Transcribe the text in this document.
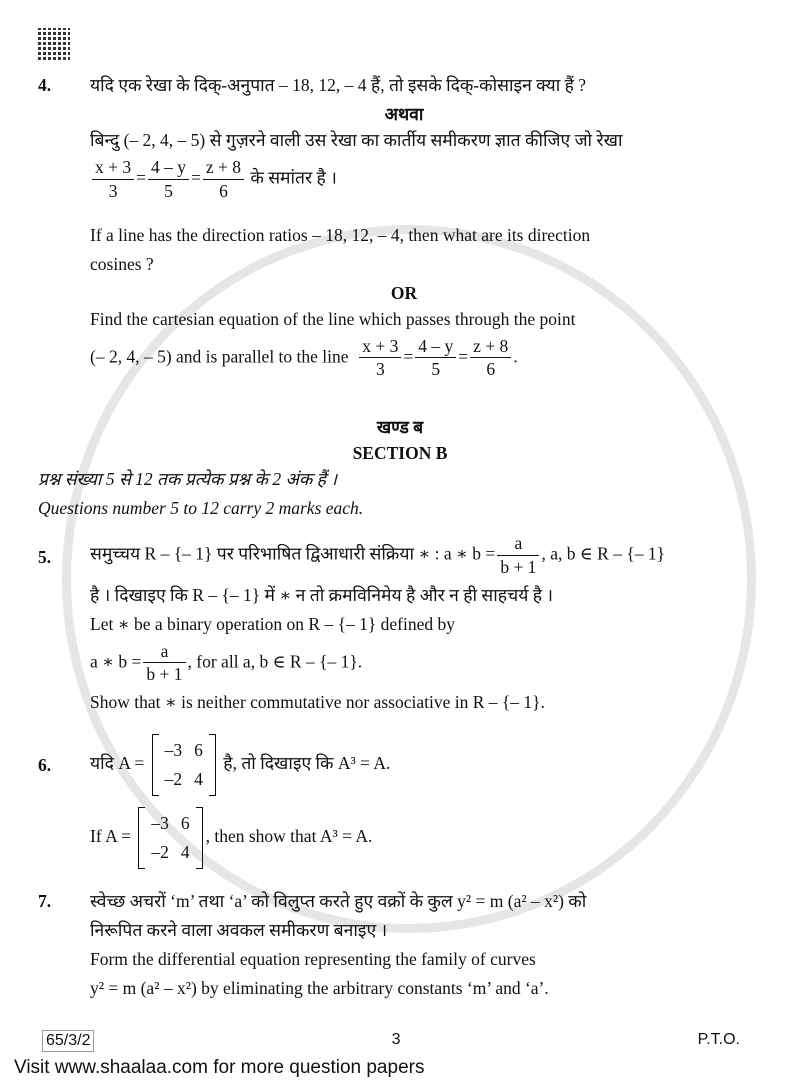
4.	यदि एक रेखा के दिक्-अनुपात – 18, 12, – 4 हैं, तो इसके दिक्-कोसाइन क्या हैं ?
अथवा
बिन्दु (– 2, 4, – 5) से गुज़रने वाली उस रेखा का कार्तीय समीकरण ज्ञात कीजिए जो रेखा
$\frac{x + 3}{3} = \frac{4 - y}{5} = \frac{z + 8}{6}$ के समांतर है ।
If a line has the direction ratios – 18, 12, – 4, then what are its direction
cosines ?
OR
Find the cartesian equation of the line which passes through the point
(– 2, 4, – 5) and is parallel to the line $\frac{x + 3}{3} = \frac{4 - y}{5} = \frac{z + 8}{6}$ .
खण्ड ब
SECTION B
प्रश्न संख्या 5 से 12 तक प्रत्येक प्रश्न के 2 अंक हैं ।
Questions number 5 to 12 carry 2 marks each.
5.	समुच्चय R – {– 1} पर परिभाषित द्विआधारी संक्रिया ∗ : a ∗ $b = \frac{a}{b + 1}$ , a, b ∈ R – {– 1}
है । दिखाइए कि R – {– 1} में ∗ न तो क्रमविनिमेय है और न ही साहचर्य है ।
Let ∗ be a binary operation on R – {– 1} defined by
a ∗ $b = \frac{a}{b + 1}$ , for all a, b ∈ R – {– 1}.
Show that ∗ is neither commutative nor associative in R – {– 1}.
6.	यदि A =
–3	6
–2	4
है, तो दिखाइए कि A³ = A.
If A =
–3	6
–2	4
, then show that A³ = A.
7.	स्वेच्छ अचरों ‘m’ तथा ‘a’ को विलुप्त करते हुए वक्रों के कुल y² = m (a² – x²) को
निरूपित करने वाला अवकल समीकरण बनाइए ।
Form the differential equation representing the family of curves
y² = m (a² – x²) by eliminating the arbitrary constants ‘m’ and ‘a’.
65/3/2	3	P.T.O.
Visit www.shaalaa.com for more question papers
